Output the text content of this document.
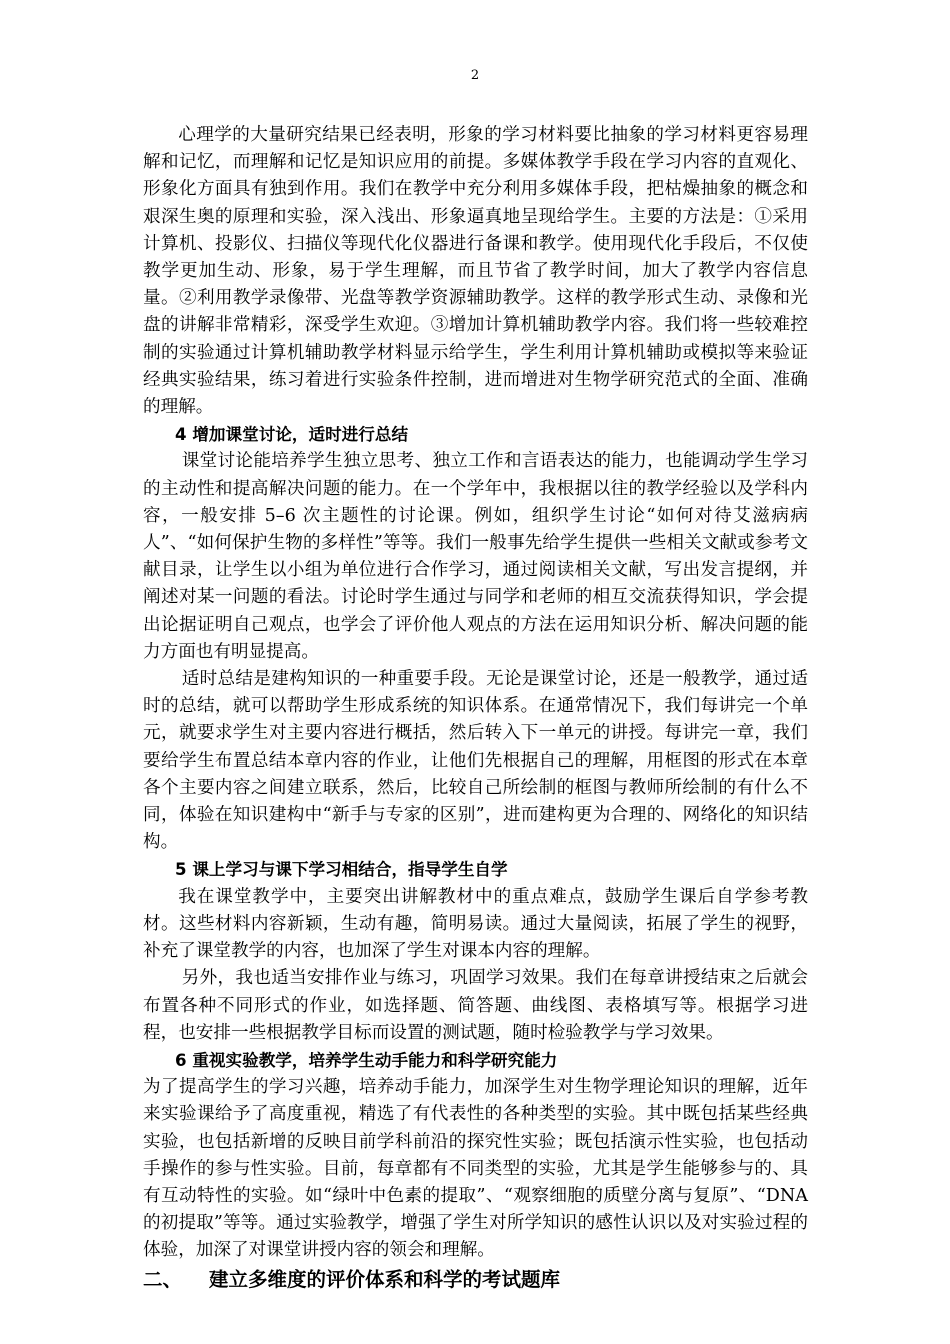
2

心理学的大量研究结果已经表明，形象的学习材料要比抽象的学习材料更容易理解和记忆，而理解和记忆是知识应用的前提。多媒体教学手段在学习内容的直观化、形象化方面具有独到作用。我们在教学中充分利用多媒体手段，把枯燥抽象的概念和艰深生奥的原理和实验，深入浅出、形象逼真地呈现给学生。主要的方法是：①采用计算机、投影仪、扫描仪等现代化仪器进行备课和教学。使用现代化手段后，不仅使教学更加生动、形象，易于学生理解，而且节省了教学时间，加大了教学内容信息量。②利用教学录像带、光盘等教学资源辅助教学。这样的教学形式生动、录像和光盘的讲解非常精彩，深受学生欢迎。③增加计算机辅助教学内容。我们将一些较难控制的实验通过计算机辅助教学材料显示给学生，学生利用计算机辅助或模拟等来验证经典实验结果，练习着进行实验条件控制，进而增进对生物学研究范式的全面、准确的理解。

4 增加课堂讨论，适时进行总结

课堂讨论能培养学生独立思考、独立工作和言语表达的能力，也能调动学生学习的主动性和提高解决问题的能力。在一个学年中，我根据以往的教学经验以及学科内容，一般安排 5–6 次主题性的讨论课。例如，组织学生讨论“如何对待艾滋病病人”、“如何保护生物的多样性”等等。我们一般事先给学生提供一些相关文献或参考文献目录，让学生以小组为单位进行合作学习，通过阅读相关文献，写出发言提纲，并阐述对某一问题的看法。讨论时学生通过与同学和老师的相互交流获得知识，学会提出论据证明自己观点，也学会了评价他人观点的方法在运用知识分析、解决问题的能力方面也有明显提高。

适时总结是建构知识的一种重要手段。无论是课堂讨论，还是一般教学，通过适时的总结，就可以帮助学生形成系统的知识体系。在通常情况下，我们每讲完一个单元，就要求学生对主要内容进行概括，然后转入下一单元的讲授。每讲完一章，我们要给学生布置总结本章内容的作业，让他们先根据自己的理解，用框图的形式在本章各个主要内容之间建立联系，然后，比较自己所绘制的框图与教师所绘制的有什么不同，体验在知识建构中“新手与专家的区别”，进而建构更为合理的、网络化的知识结构。

5 课上学习与课下学习相结合，指导学生自学

我在课堂教学中，主要突出讲解教材中的重点难点，鼓励学生课后自学参考教材。这些材料内容新颖，生动有趣，简明易读。通过大量阅读，拓展了学生的视野，补充了课堂教学的内容，也加深了学生对课本内容的理解。

另外，我也适当安排作业与练习，巩固学习效果。我们在每章讲授结束之后就会布置各种不同形式的作业，如选择题、简答题、曲线图、表格填写等。根据学习进程，也安排一些根据教学目标而设置的测试题，随时检验教学与学习效果。

6 重视实验教学，培养学生动手能力和科学研究能力

为了提高学生的学习兴趣，培养动手能力，加深学生对生物学理论知识的理解，近年来实验课给予了高度重视，精选了有代表性的各种类型的实验。其中既包括某些经典实验，也包括新增的反映目前学科前沿的探究性实验；既包括演示性实验，也包括动手操作的参与性实验。目前，每章都有不同类型的实验，尤其是学生能够参与的、具有互动特性的实验。如“绿叶中色素的提取”、“观察细胞的质壁分离与复原”、“DNA 的初提取”等等。通过实验教学，增强了学生对所学知识的感性认识以及对实验过程的体验，加深了对课堂讲授内容的领会和理解。

二、 建立多维度的评价体系和科学的考试题库
